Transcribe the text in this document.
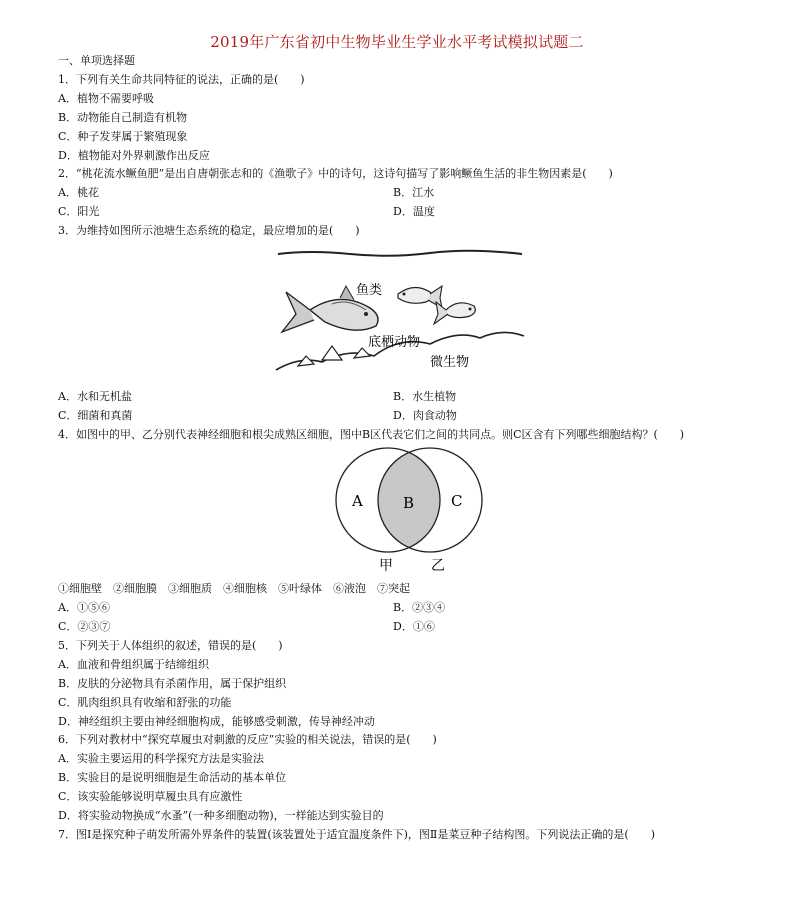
2019年广东省初中生物毕业生学业水平考试模拟试题二
一、单项选择题
1．下列有关生命共同特征的说法，正确的是(　　)
A．植物不需要呼吸
B．动物能自己制造有机物
C．种子发芽属于繁殖现象
D．植物能对外界刺激作出反应
2．“桃花流水鳜鱼肥”是出自唐朝张志和的《渔歌子》中的诗句，这诗句描写了影响鳜鱼生活的非生物因素是(　　)
A．桃花	B．江水
C．阳光	D．温度
3．为维持如图所示池塘生态系统的稳定，最应增加的是(　　)
鱼类
底栖动物
微生物
A．水和无机盐	B．水生植物
C．细菌和真菌	D．肉食动物
4．如图中的甲、乙分别代表神经细胞和根尖成熟区细胞，图中B区代表它们之间的共同点。则C区含有下列哪些细胞结构？(　　)
A	B C
甲	乙
①细胞壁　②细胞膜　③细胞质　④细胞核　⑤叶绿体　⑥液泡　⑦突起
A．①⑤⑥	B．②③④
C．②③⑦	D．①⑥
5．下列关于人体组织的叙述，错误的是(　　)
A．血液和骨组织属于结缔组织
B．皮肤的分泌物具有杀菌作用，属于保护组织
C．肌肉组织具有收缩和舒张的功能
D．神经组织主要由神经细胞构成，能够感受刺激，传导神经冲动
6．下列对教材中“探究草履虫对刺激的反应”实验的相关说法，错误的是(　　)
A．实验主要运用的科学探究方法是实验法
B．实验目的是说明细胞是生命活动的基本单位
C．该实验能够说明草履虫具有应激性
D．将实验动物换成“水蚤”(一种多细胞动物)，一样能达到实验目的
7．图Ⅰ是探究种子萌发所需外界条件的装置(该装置处于适宜温度条件下)，图Ⅱ是菜豆种子结构图。下列说法正确的是(　　)
